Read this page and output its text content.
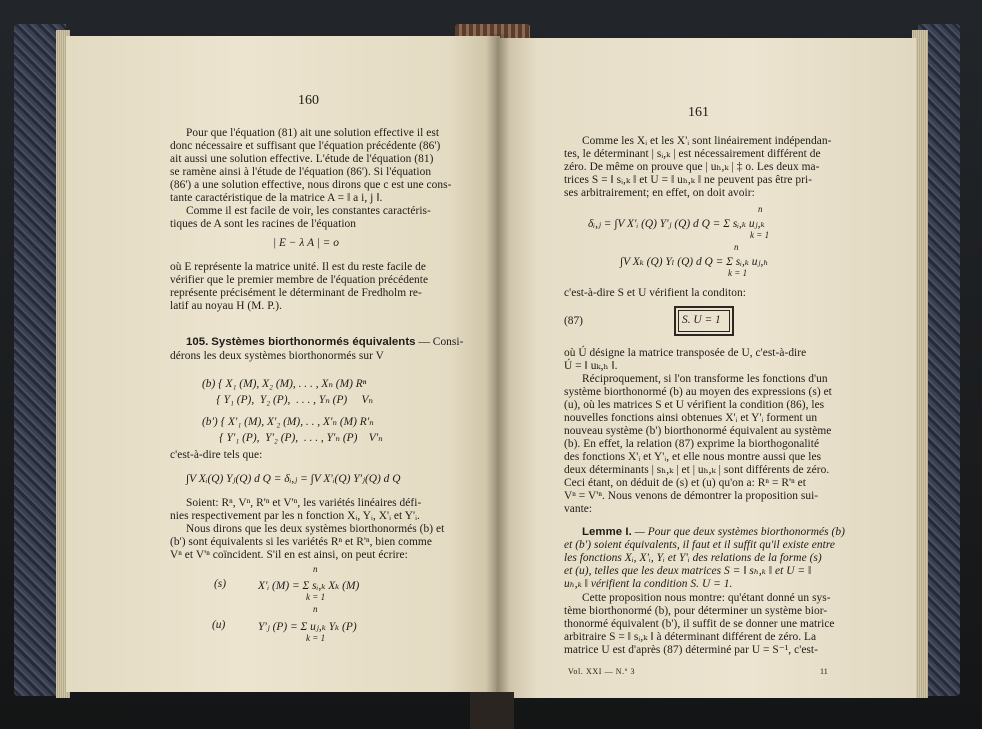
160
Pour que l'équation (81) ait une solution effective il est
donc nécessaire et suffisant que l'équation précédente (86')
ait aussi une solution effective. L'étude de l'équation (81)
se ramène ainsi à l'étude de l'équation (86'). Si l'équation
(86') a une solution effective, nous dirons que c est une cons-
tante caractéristique de la matrice A = ‖ a i, j ‖.
Comme il est facile de voir, les constantes caractéris-
tiques de A sont les racines de l'équation
| E − λ A | = o
où E représente la matrice unité. Il est du reste facile de
vérifier que le premier membre de l'équation précédente
représente précisément le déterminant de Fredholm re-
latif au noyau H (M. P.).
105. Systèmes biorthonormés équivalents — Consi-
dérons les deux systèmes biorthonormés sur V
(b) { X₁ (M), X₂ (M), . . . , Xₙ (M) Rⁿ
{ Y₁ (P),  Y₂ (P),  . . . , Yₙ (P)     Vₙ
(b') { X'₁ (M), X'₂ (M), . . , X'ₙ (M) R'ₙ
{ Y'₁ (P),  Y'₂ (P),  . . . , Y'ₙ (P)    V'ₙ
c'est-à-dire tels que:
∫V Xᵢ(Q) Yⱼ(Q) d Q = δᵢ,ⱼ = ∫V X'ᵢ(Q) Y'ⱼ(Q) d Q
Soient: Rⁿ, Vⁿ, R'ⁿ et V'ⁿ, les variétés linéaires défi-
nies respectivement par les n fonction Xᵢ, Yᵢ, X'ᵢ et Y'ᵢ.
Nous dirons que les deux systèmes biorthonormés (b) et
(b') sont équivalents si les variétés Rⁿ et R'ⁿ, bien comme
Vⁿ et V'ⁿ coïncident. S'il en est ainsi, on peut écrire:
(s)
n
X'ᵢ (M) = Σ sᵢ,ₖ Xₖ (M)
k = 1
(u)
n
Y'ⱼ (P) = Σ uⱼ,ₖ Yₖ (P)
k = 1
161
Comme les Xᵢ et les X'ᵢ sont linéairement indépendan-
tes, le déterminant | sᵢ,ₖ | est nécessairement différent de
zéro. De même on prouve que | uₕ,ₖ | ‡ o. Les deux ma-
trices S = ‖ sᵢ,ₖ ‖ et U = ‖ uₕ,ₖ ‖ ne peuvent pas être pri-
ses arbitrairement; en effet, on doit avoir:
n
δᵢ,ⱼ = ∫V X'ᵢ (Q) Y'ⱼ (Q) d Q = Σ sᵢ,ₖ uⱼ,ₖ
k = 1
n
∫V Xₖ (Q) Yₗ (Q) d Q = Σ sᵢ,ₖ uⱼ,ₕ
k = 1
c'est-à-dire S et U vérifient la conditon:
(87)	S. U = 1
où Ú désigne la matrice transposée de U, c'est-à-dire
Ú = ‖ uₖ,ₕ ‖.
Réciproquement, si l'on transforme les fonctions d'un
système biorthonormé (b) au moyen des expressions (s) et
(u), où les matrices S et U vérifient la condition (86), les
nouvelles fonctions ainsi obtenues X'ᵢ et Y'ᵢ forment un
nouveau système (b') biorthonormé équivalent au système
(b). En effet, la relation (87) exprime la biorthogonalité
des fonctions X'ᵢ et Y'ᵢ, et elle nous montre aussi que les
deux déterminants | sₕ,ₖ | et | uₕ,ₖ | sont différents de zéro.
Ceci étant, on déduit de (s) et (u) qu'on a: Rⁿ = R'ⁿ et
Vⁿ = V'ⁿ. Nous venons de démontrer la proposition sui-
vante:
Lemme I. — Pour que deux systèmes biorthonormés (b)
et (b') soient équivalents, il faut et il suffit qu'il existe entre
les fonctions Xᵢ, X'ᵢ, Yᵢ et Y'ᵢ des relations de la forme (s)
et (u), telles que les deux matrices S = ‖ sₕ,ₖ ‖ et U = ‖
uₕ,ₖ ‖ vérifient la condition S. U = 1.
Cette proposition nous montre: qu'étant donné un sys-
tème biorthonormé (b), pour déterminer un système bior-
thonormé équivalent (b'), il suffit de se donner une matrice
arbitraire S = ‖ sᵢ,ₖ ‖ à déterminant différent de zéro. La
matrice U est d'après (87) déterminé par U = S⁻¹, c'est-
Vol. XXI — N.º 3	11
